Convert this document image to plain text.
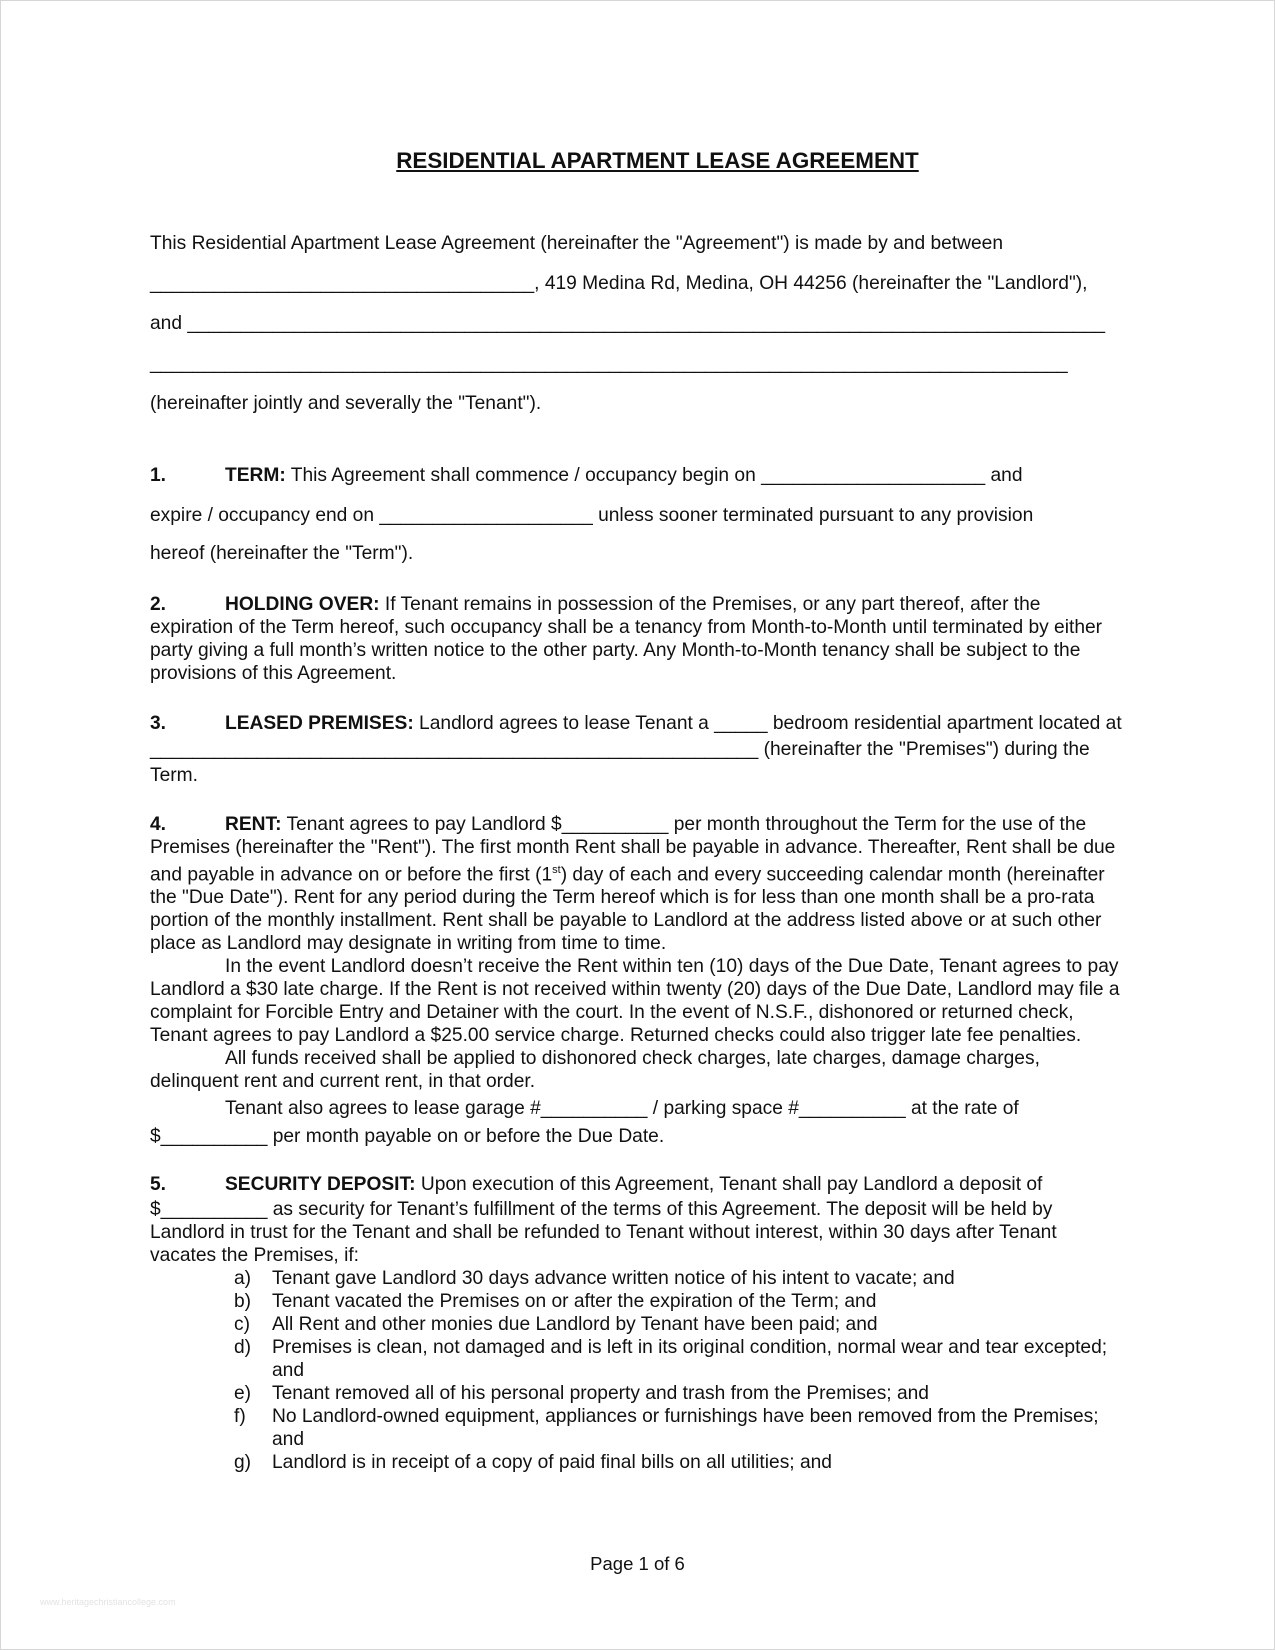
RESIDENTIAL APARTMENT LEASE AGREEMENT

This Residential Apartment Lease Agreement (hereinafter the "Agreement") is made by and between

____________________________________, 419 Medina Rd, Medina, OH 44256 (hereinafter the "Landlord"),

and ______________________________________________________________________________________

______________________________________________________________________________________

(hereinafter jointly and severally the "Tenant").

1.	TERM: This Agreement shall commence / occupancy begin on _____________________ and

expire / occupancy end on ____________________ unless sooner terminated pursuant to any provision

hereof (hereinafter the "Term").

2.	HOLDING OVER: If Tenant remains in possession of the Premises, or any part thereof, after the expiration of the Term hereof, such occupancy shall be a tenancy from Month-to-Month until terminated by either party giving a full month’s written notice to the other party. Any Month-to-Month tenancy shall be subject to the provisions of this Agreement.

3.	LEASED PREMISES: Landlord agrees to lease Tenant a _____ bedroom residential apartment located at _________________________________________________________ (hereinafter the "Premises") during the Term.

4.	RENT: Tenant agrees to pay Landlord $__________ per month throughout the Term for the use of the Premises (hereinafter the "Rent"). The first month Rent shall be payable in advance. Thereafter, Rent shall be due and payable in advance on or before the first (1st) day of each and every succeeding calendar month (hereinafter the "Due Date"). Rent for any period during the Term hereof which is for less than one month shall be a pro-rata portion of the monthly installment. Rent shall be payable to Landlord at the address listed above or at such other place as Landlord may designate in writing from time to time.

In the event Landlord doesn’t receive the Rent within ten (10) days of the Due Date, Tenant agrees to pay Landlord a $30 late charge. If the Rent is not received within twenty (20) days of the Due Date, Landlord may file a complaint for Forcible Entry and Detainer with the court. In the event of N.S.F., dishonored or returned check, Tenant agrees to pay Landlord a $25.00 service charge. Returned checks could also trigger late fee penalties.

All funds received shall be applied to dishonored check charges, late charges, damage charges, delinquent rent and current rent, in that order.

Tenant also agrees to lease garage #__________ / parking space #__________ at the rate of

$__________ per month payable on or before the Due Date.

5.	SECURITY DEPOSIT: Upon execution of this Agreement, Tenant shall pay Landlord a deposit of

$__________ as security for Tenant’s fulfillment of the terms of this Agreement. The deposit will be held by Landlord in trust for the Tenant and shall be refunded to Tenant without interest, within 30 days after Tenant vacates the Premises, if:

a) Tenant gave Landlord 30 days advance written notice of his intent to vacate; and
b) Tenant vacated the Premises on or after the expiration of the Term; and
c) All Rent and other monies due Landlord by Tenant have been paid; and
d) Premises is clean, not damaged and is left in its original condition, normal wear and tear excepted; and
e) Tenant removed all of his personal property and trash from the Premises; and
f) No Landlord-owned equipment, appliances or furnishings have been removed from the Premises; and
g) Landlord is in receipt of a copy of paid final bills on all utilities; and
Page 1 of 6
www.heritagechristiancollege.com
